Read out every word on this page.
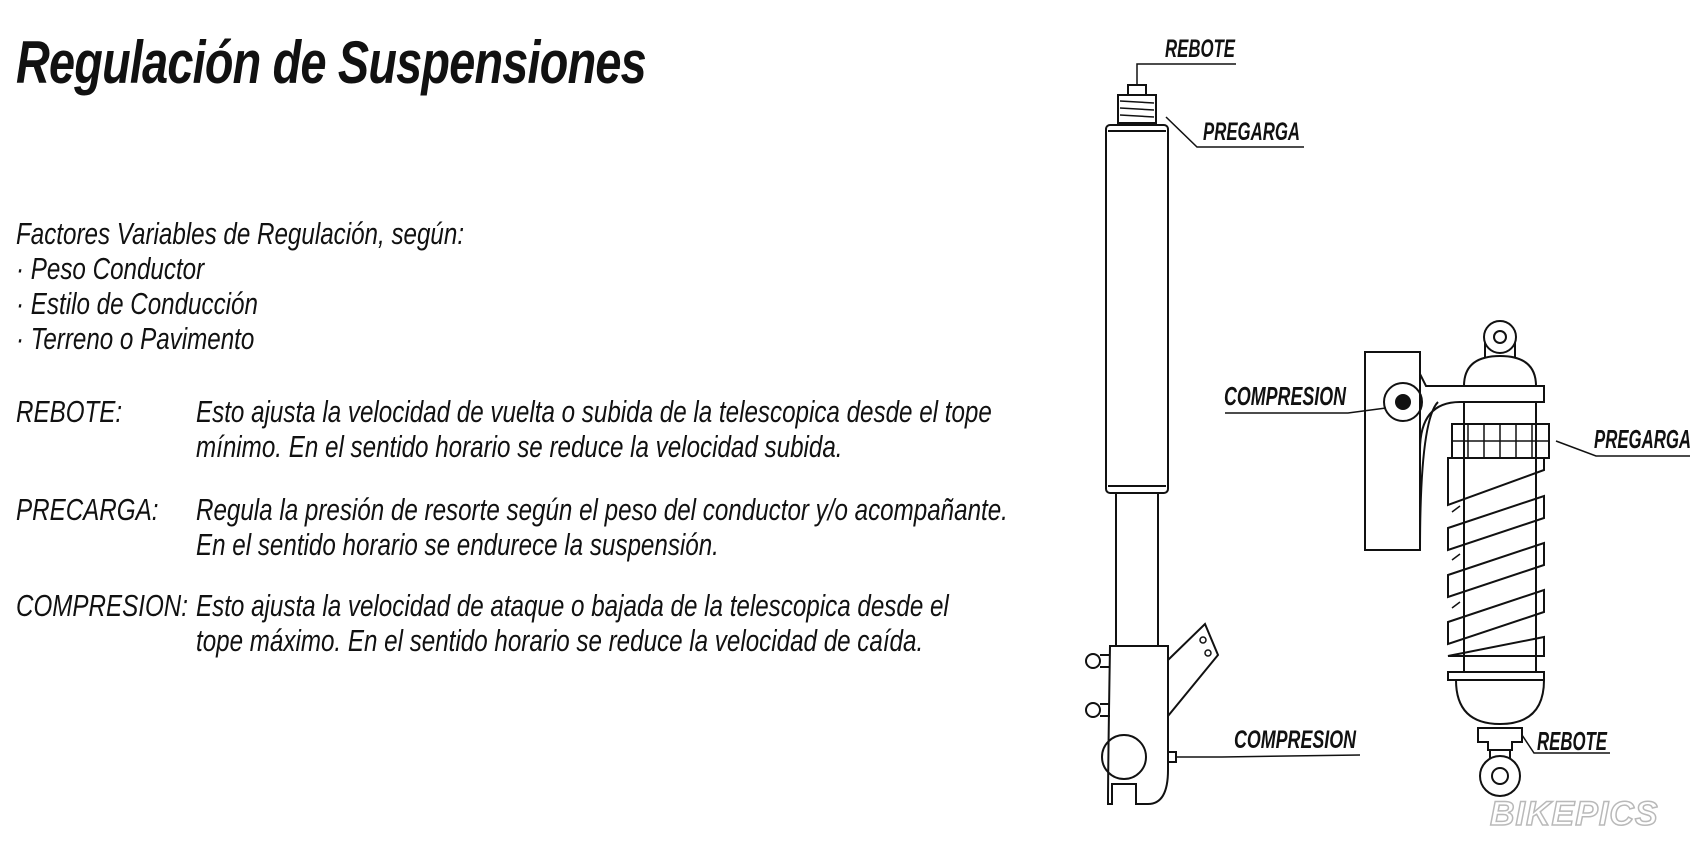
Regulación de Suspensiones
Factores Variables de Regulación, según:
· Peso Conductor
· Estilo de Conducción
· Terreno o Pavimento
REBOTE: Esto ajusta la velocidad de vuelta o subida de la telescopica desde el tope
mínimo. En el sentido horario se reduce la velocidad subida.
PRECARGA: Regula la presión de resorte según el peso del conductor y/o acompañante.
En el sentido horario se endurece la suspensión.
COMPRESION: Esto ajusta la velocidad de ataque o bajada de la telescopica desde el
tope máximo. En el sentido horario se reduce la velocidad de caída.
REBOTE
PREGARGA
COMPRESION
COMPRESION
PREGARGA
REBOTE
BIKEPICS
